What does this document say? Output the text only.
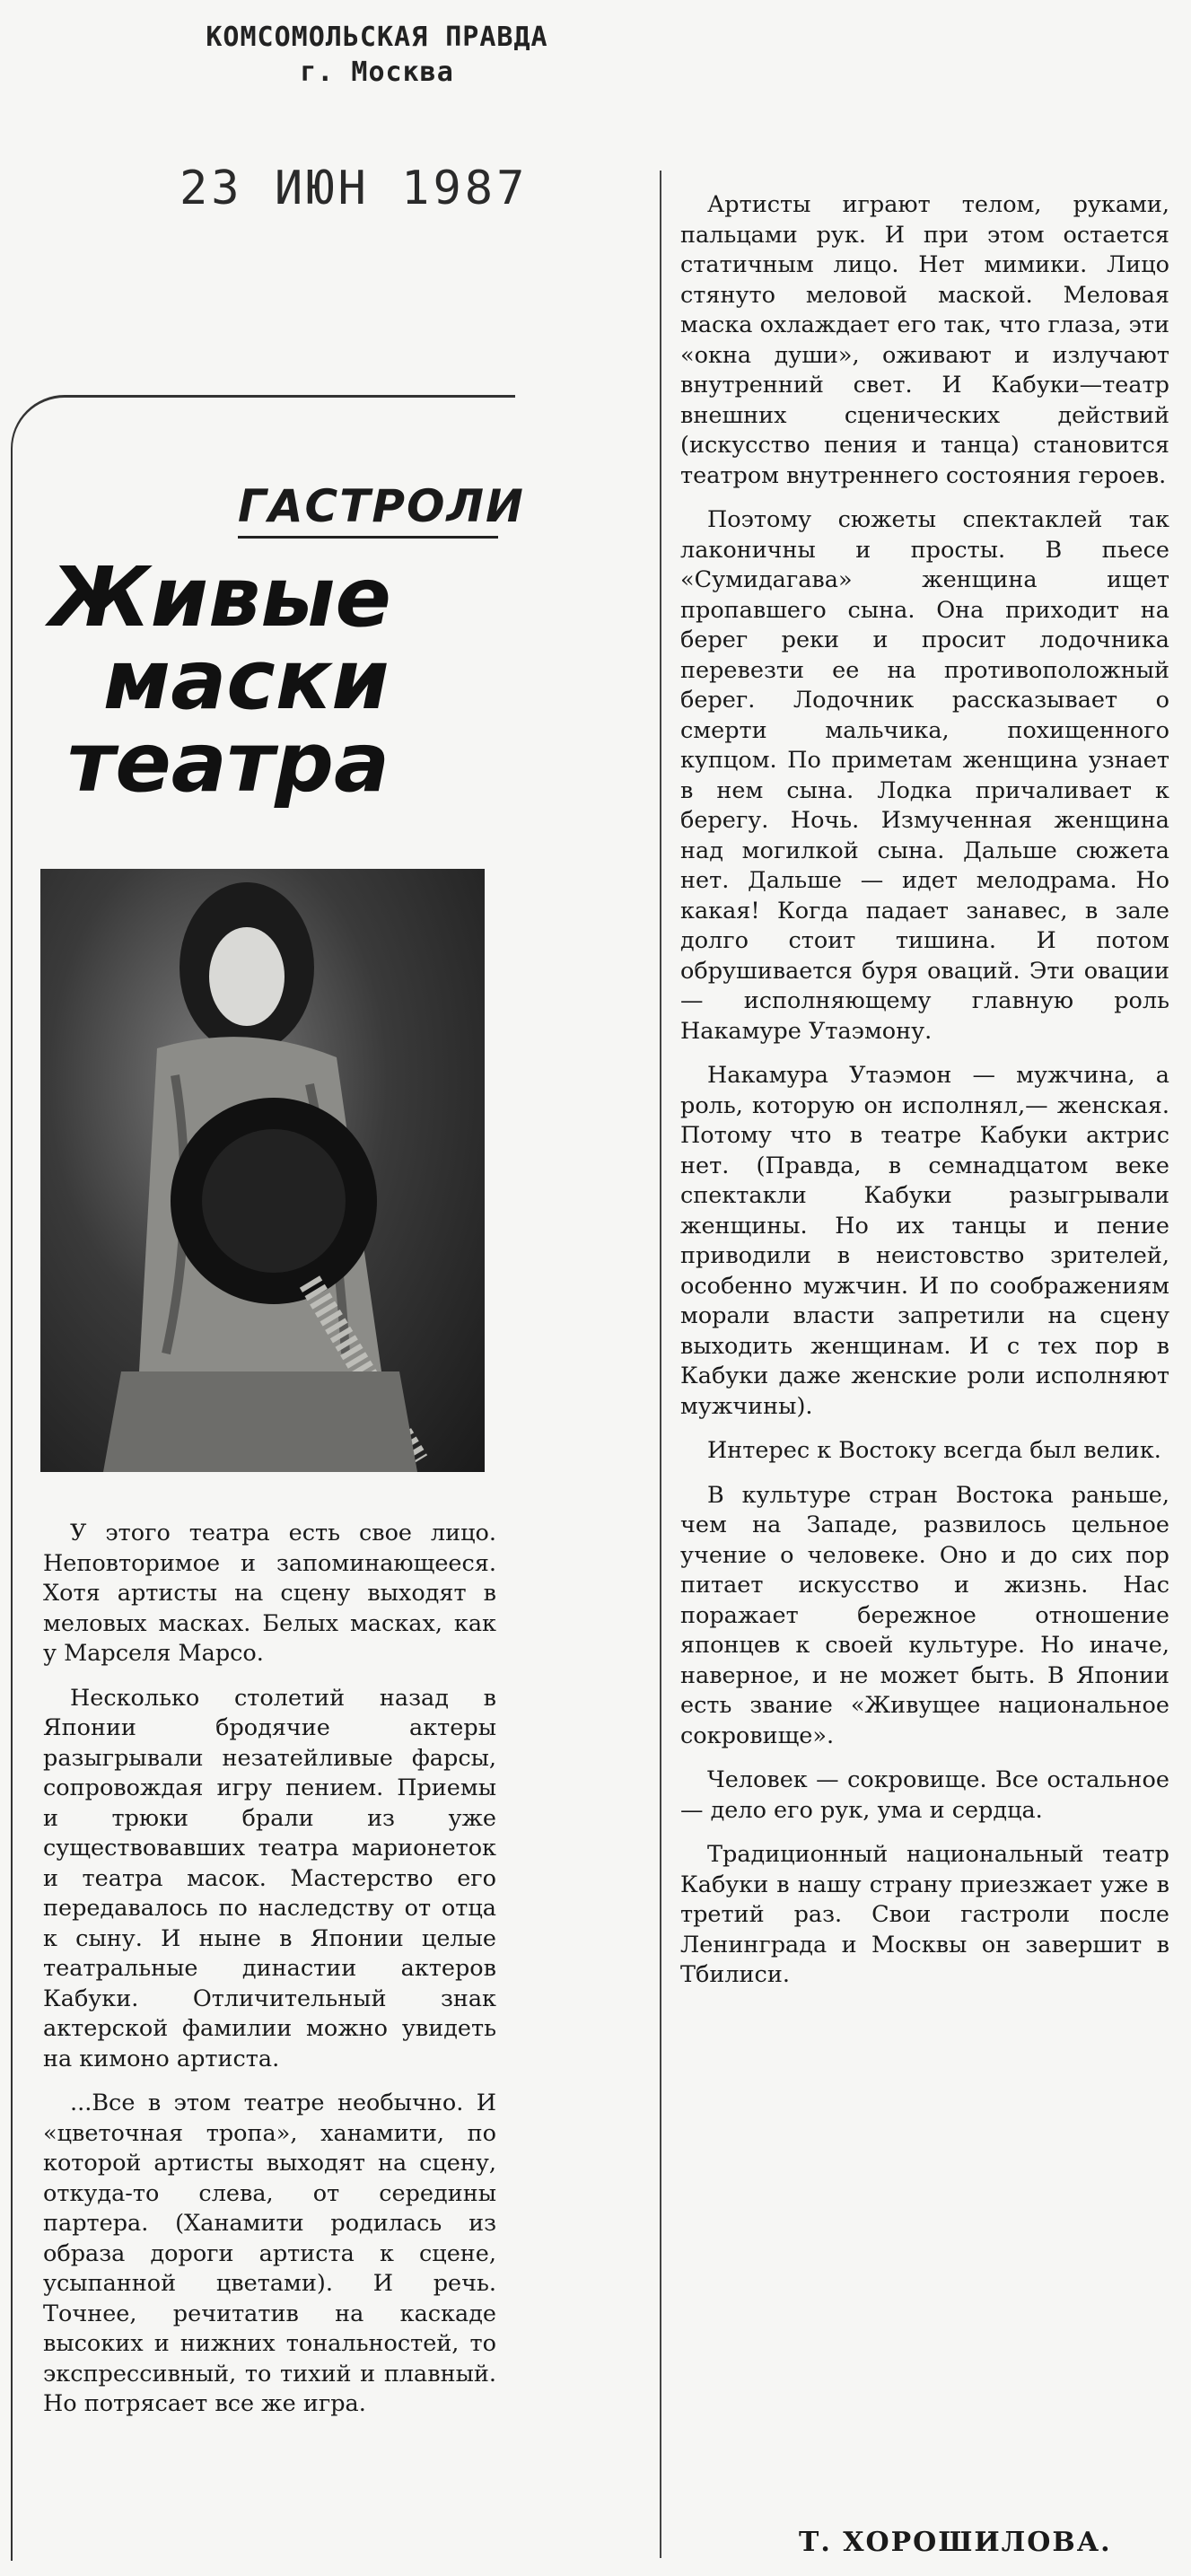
КОМСОМОЛЬСКАЯ ПРАВДА
г. Москва
23 ИЮН 1987
ГАСТРОЛИ
Живые
маски
театра

У этого театра есть свое лицо. Неповторимое и запоминающееся. Хотя артисты на сцену выходят в меловых масках. Белых масках, как у Марселя Марсо.

Несколько столетий назад в Японии бродячие актеры разыгрывали незатейливые фарсы, сопровождая игру пением. Приемы и трюки брали из уже существовавших театра марионеток и театра масок. Мастерство его передавалось по наследству от отца к сыну. И ныне в Японии целые театральные династии актеров Кабуки. Отличительный знак актерской фамилии можно увидеть на кимоно артиста.

...Все в этом театре необычно. И «цветочная тропа», ханамити, по которой артисты выходят на сцену, откуда-то слева, от середины партера. (Ханамити родилась из образа дороги артиста к сцене, усыпанной цветами). И речь. Точнее, речитатив на каскаде высоких и нижних тональностей, то экспрессивный, то тихий и плавный. Но потрясает все же игра.

Артисты играют телом, руками, пальцами рук. И при этом остается статичным лицо. Нет мимики. Лицо стянуто меловой маской. Меловая маска охлаждает его так, что глаза, эти «окна души», оживают и излучают внутренний свет. И Кабуки—театр внешних сценических действий (искусство пения и танца) становится театром внутреннего состояния героев.

Поэтому сюжеты спектаклей так лаконичны и просты. В пьесе «Сумидагава» женщина ищет пропавшего сына. Она приходит на берег реки и просит лодочника перевезти ее на противоположный берег. Лодочник рассказывает о смерти мальчика, похищенного купцом. По приметам женщина узнает в нем сына. Лодка причаливает к берегу. Ночь. Измученная женщина над могилкой сына. Дальше сюжета нет. Дальше — идет мелодрама. Но какая! Когда падает занавес, в зале долго стоит тишина. И потом обрушивается буря оваций. Эти овации — исполняющему главную роль Накамуре Утаэмону.

Накамура Утаэмон — мужчина, а роль, которую он исполнял,— женская. Потому что в театре Кабуки актрис нет. (Правда, в семнадцатом веке спектакли Кабуки разыгрывали женщины. Но их танцы и пение приводили в неистовство зрителей, особенно мужчин. И по соображениям морали власти запретили на сцену выходить женщинам. И с тех пор в Кабуки даже женские роли исполняют мужчины).

Интерес к Востоку всегда был велик.

В культуре стран Востока раньше, чем на Западе, развилось цельное учение о человеке. Оно и до сих пор питает искусство и жизнь. Нас поражает бережное отношение японцев к своей культуре. Но иначе, наверное, и не может быть. В Японии есть звание «Живущее национальное сокровище».

Человек — сокровище. Все остальное — дело его рук, ума и сердца.

Традиционный национальный театр Кабуки в нашу страну приезжает уже в третий раз. Свои гастроли после Ленинграда и Москвы он завершит в Тбилиси.

Т. ХОРОШИЛОВА.
